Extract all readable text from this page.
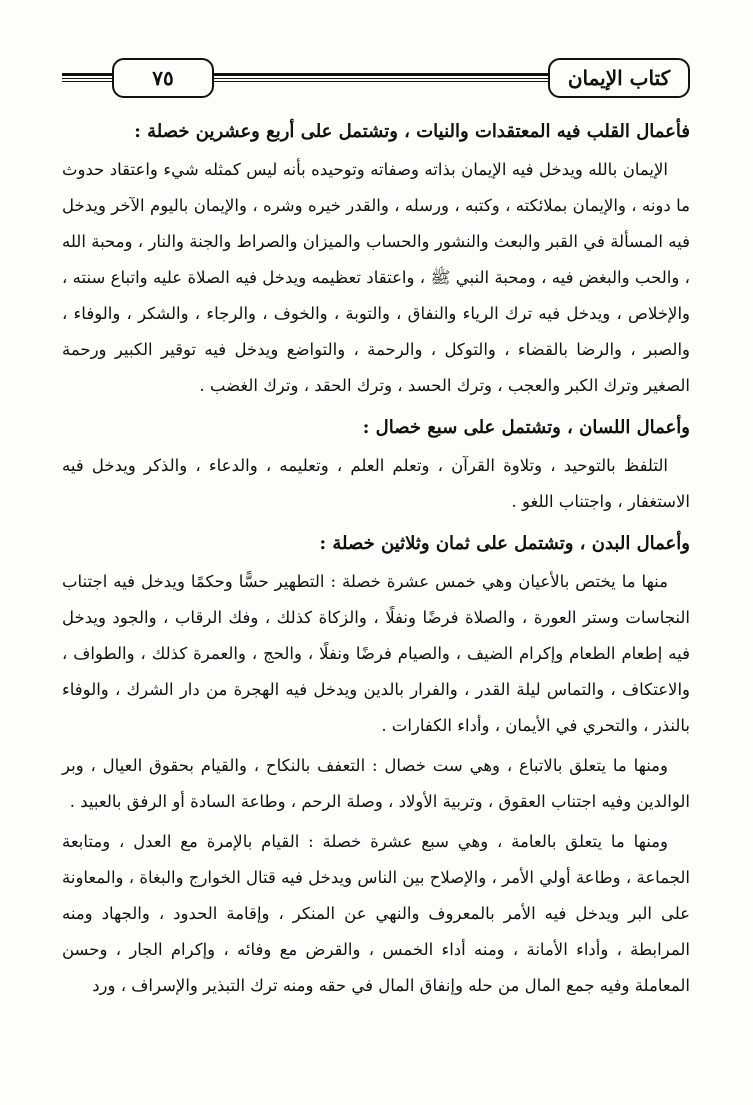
كتاب الإيمان
٧٥

فأعمال القلب فيه المعتقدات والنيات ، وتشتمل على أربع وعشرين خصلة :

الإيمان بالله ويدخل فيه الإيمان بذاته وصفاته وتوحيده بأنه ليس كمثله شيء واعتقاد حدوث ما دونه ، والإيمان بملائكته ، وكتبه ، ورسله ، والقدر خيره وشره ، والإيمان باليوم الآخر ويدخل فيه المسألة في القبر والبعث والنشور والحساب والميزان والصراط والجنة والنار ، ومحبة الله ، والحب والبغض فيه ، ومحبة النبي ﷺ ، واعتقاد تعظيمه ويدخل فيه الصلاة عليه واتباع سنته ، والإخلاص ، ويدخل فيه ترك الرياء والنفاق ، والتوبة ، والخوف ، والرجاء ، والشكر ، والوفاء ، والصبر ، والرضا بالقضاء ، والتوكل ، والرحمة ، والتواضع ويدخل فيه توقير الكبير ورحمة الصغير وترك الكبر والعجب ، وترك الحسد ، وترك الحقد ، وترك الغضب .

وأعمال اللسان ، وتشتمل على سبع خصال :

التلفظ بالتوحيد ، وتلاوة القرآن ، وتعلم العلم ، وتعليمه ، والدعاء ، والذكر ويدخل فيه الاستغفار ، واجتناب اللغو .

وأعمال البدن ، وتشتمل على ثمان وثلاثين خصلة :

منها ما يختص بالأعيان وهي خمس عشرة خصلة : التطهير حسًّا وحكمًا ويدخل فيه اجتناب النجاسات وستر العورة ، والصلاة فرضًا ونفلًا ، والزكاة كذلك ، وفك الرقاب ، والجود ويدخل فيه إطعام الطعام وإكرام الضيف ، والصيام فرضًا ونفلًا ، والحج ، والعمرة كذلك ، والطواف ، والاعتكاف ، والتماس ليلة القدر ، والفرار بالدين ويدخل فيه الهجرة من دار الشرك ، والوفاء بالنذر ، والتحري في الأيمان ، وأداء الكفارات .

ومنها ما يتعلق بالاتباع ، وهي ست خصال : التعفف بالنكاح ، والقيام بحقوق العيال ، وبر الوالدين وفيه اجتناب العقوق ، وتربية الأولاد ، وصلة الرحم ، وطاعة السادة أو الرفق بالعبيد .

ومنها ما يتعلق بالعامة ، وهي سبع عشرة خصلة : القيام بالإمرة مع العدل ، ومتابعة الجماعة ، وطاعة أولي الأمر ، والإصلاح بين الناس ويدخل فيه قتال الخوارج والبغاة ، والمعاونة على البر ويدخل فيه الأمر بالمعروف والنهي عن المنكر ، وإقامة الحدود ، والجهاد ومنه المرابطة ، وأداء الأمانة ، ومنه أداء الخمس ، والقرض مع وفائه ، وإكرام الجار ، وحسن المعاملة وفيه جمع المال من حله وإنفاق المال في حقه ومنه ترك التبذير والإسراف ، ورد
